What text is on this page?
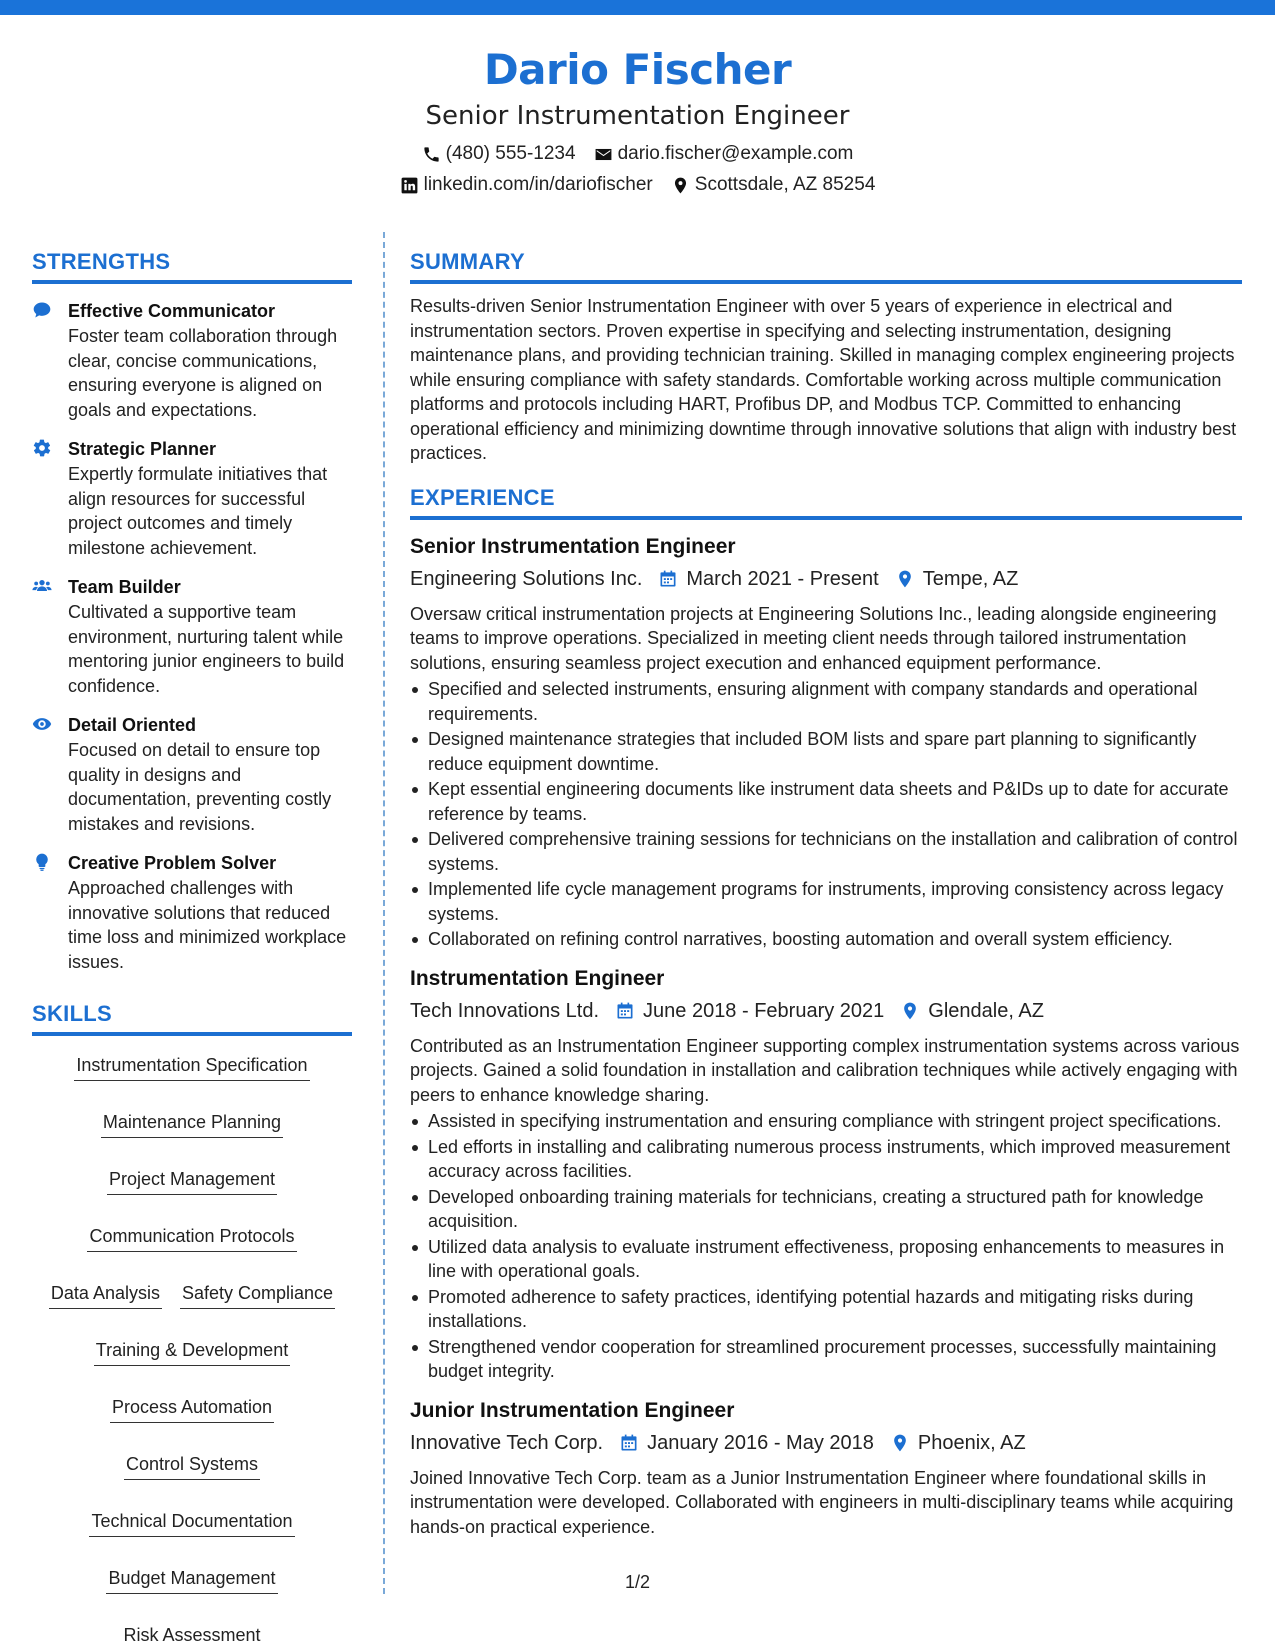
Dario Fischer
Senior Instrumentation Engineer
(480) 555-1234 dario.fischer@example.com
linkedin.com/in/dariofischer Scottsdale, AZ 85254
STRENGTHS
Effective Communicator
Foster team collaboration through clear, concise communications, ensuring everyone is aligned on goals and expectations.
Strategic Planner
Expertly formulate initiatives that align resources for successful project outcomes and timely milestone achievement.
Team Builder
Cultivated a supportive team environment, nurturing talent while mentoring junior engineers to build confidence.
Detail Oriented
Focused on detail to ensure top quality in designs and documentation, preventing costly mistakes and revisions.
Creative Problem Solver
Approached challenges with innovative solutions that reduced time loss and minimized workplace issues.
SKILLS
Instrumentation Specification
Maintenance Planning
Project Management
Communication Protocols
Data Analysis Safety Compliance
Training & Development
Process Automation
Control Systems
Technical Documentation
Budget Management
Risk Assessment
SUMMARY
Results-driven Senior Instrumentation Engineer with over 5 years of experience in electrical and instrumentation sectors. Proven expertise in specifying and selecting instrumentation, designing maintenance plans, and providing technician training. Skilled in managing complex engineering projects while ensuring compliance with safety standards. Comfortable working across multiple communication platforms and protocols including HART, Profibus DP, and Modbus TCP. Committed to enhancing operational efficiency and minimizing downtime through innovative solutions that align with industry best practices.
EXPERIENCE
Senior Instrumentation Engineer
Engineering Solutions Inc. March 2021 - Present Tempe, AZ
Oversaw critical instrumentation projects at Engineering Solutions Inc., leading alongside engineering teams to improve operations. Specialized in meeting client needs through tailored instrumentation solutions, ensuring seamless project execution and enhanced equipment performance.
Specified and selected instruments, ensuring alignment with company standards and operational requirements.
Designed maintenance strategies that included BOM lists and spare part planning to significantly reduce equipment downtime.
Kept essential engineering documents like instrument data sheets and P&IDs up to date for accurate reference by teams.
Delivered comprehensive training sessions for technicians on the installation and calibration of control systems.
Implemented life cycle management programs for instruments, improving consistency across legacy systems.
Collaborated on refining control narratives, boosting automation and overall system efficiency.
Instrumentation Engineer
Tech Innovations Ltd. June 2018 - February 2021 Glendale, AZ
Contributed as an Instrumentation Engineer supporting complex instrumentation systems across various projects. Gained a solid foundation in installation and calibration techniques while actively engaging with peers to enhance knowledge sharing.
Assisted in specifying instrumentation and ensuring compliance with stringent project specifications.
Led efforts in installing and calibrating numerous process instruments, which improved measurement accuracy across facilities.
Developed onboarding training materials for technicians, creating a structured path for knowledge acquisition.
Utilized data analysis to evaluate instrument effectiveness, proposing enhancements to measures in line with operational goals.
Promoted adherence to safety practices, identifying potential hazards and mitigating risks during installations.
Strengthened vendor cooperation for streamlined procurement processes, successfully maintaining budget integrity.
Junior Instrumentation Engineer
Innovative Tech Corp. January 2016 - May 2018 Phoenix, AZ
Joined Innovative Tech Corp. team as a Junior Instrumentation Engineer where foundational skills in instrumentation were developed. Collaborated with engineers in multi-disciplinary teams while acquiring hands-on practical experience.
1/2
